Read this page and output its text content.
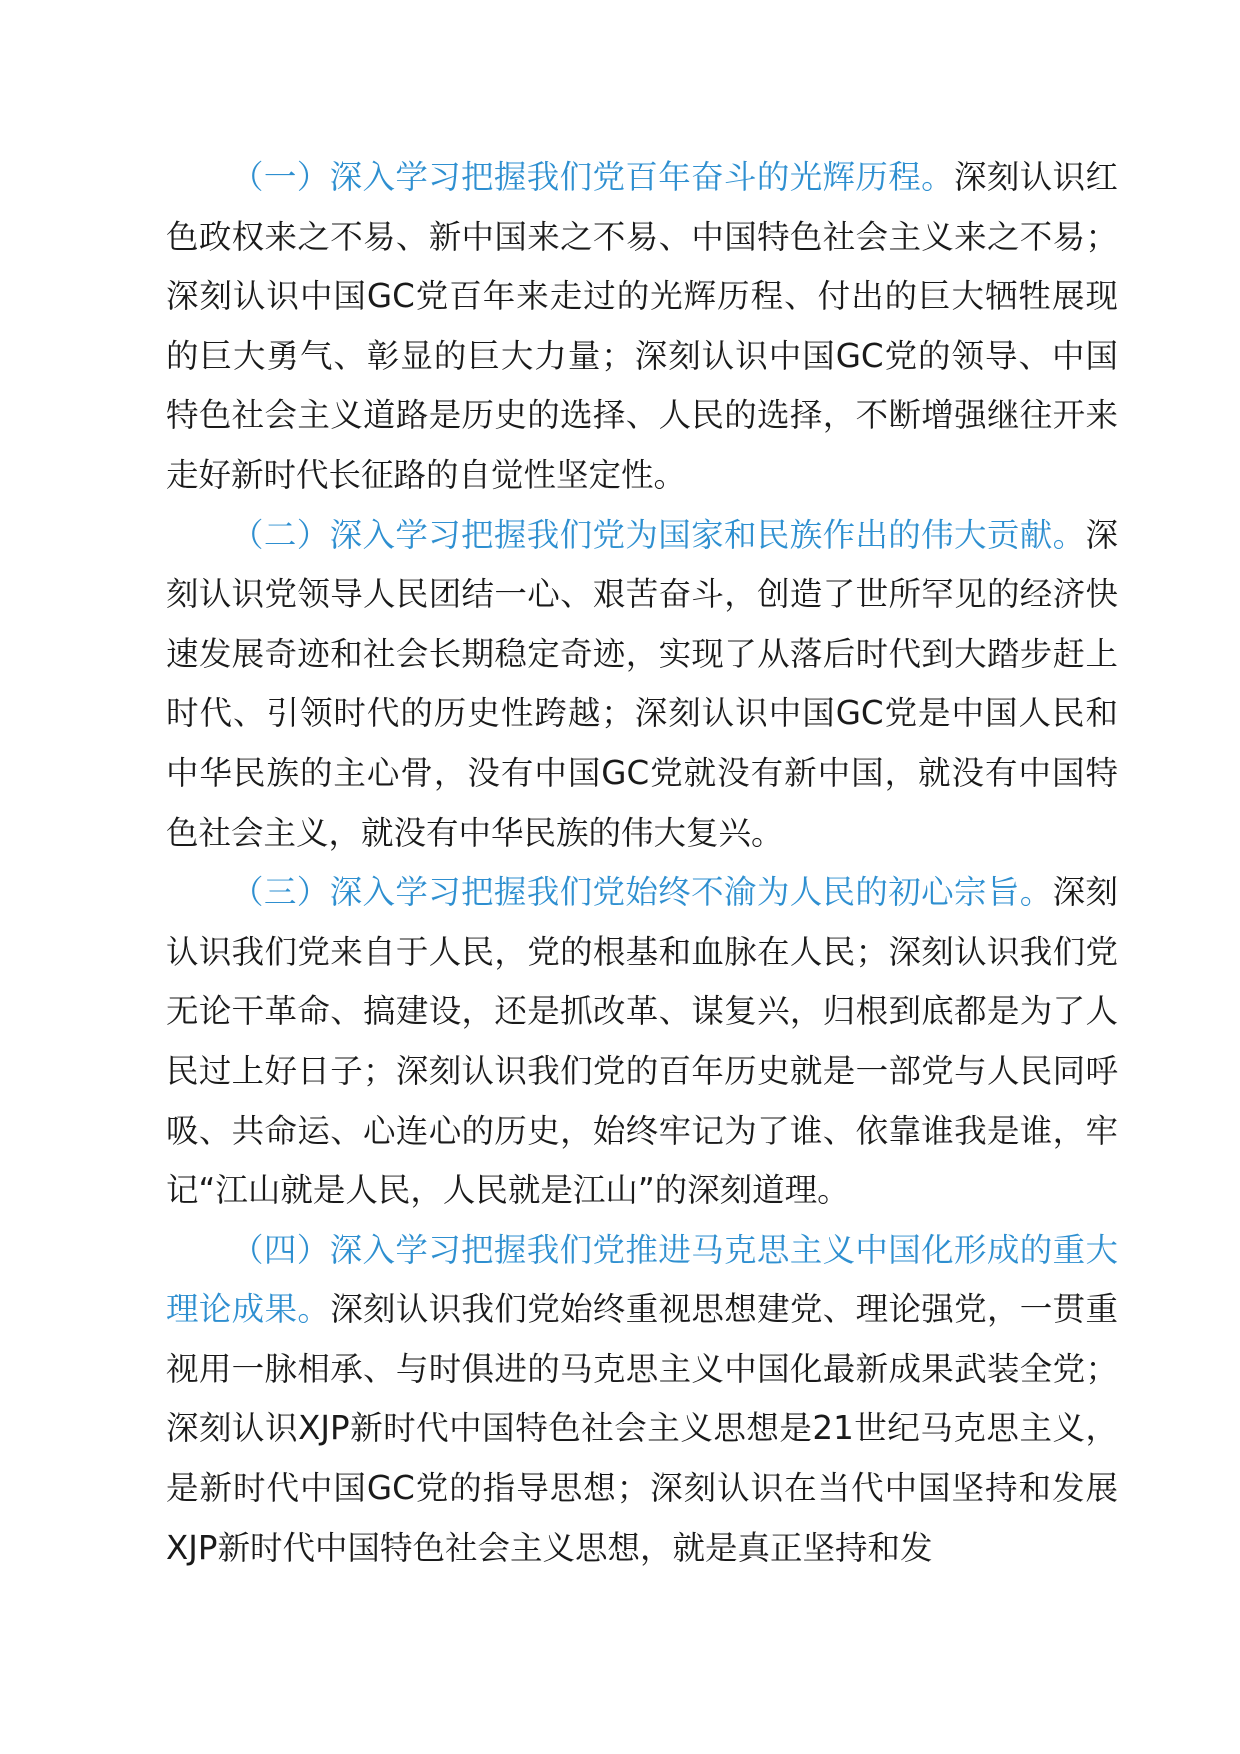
（一）深入学习把握我们党百年奋斗的光辉历程。深刻认识红色政权来之不易、新中国来之不易、中国特色社会主义来之不易；深刻认识中国GC党百年来走过的光辉历程、付出的巨大牺牲展现的巨大勇气、彰显的巨大力量；深刻认识中国GC党的领导、中国特色社会主义道路是历史的选择、人民的选择，不断增强继往开来走好新时代长征路的自觉性坚定性。

（二）深入学习把握我们党为国家和民族作出的伟大贡献。深刻认识党领导人民团结一心、艰苦奋斗，创造了世所罕见的经济快速发展奇迹和社会长期稳定奇迹，实现了从落后时代到大踏步赶上时代、引领时代的历史性跨越；深刻认识中国GC党是中国人民和中华民族的主心骨，没有中国GC党就没有新中国，就没有中国特色社会主义，就没有中华民族的伟大复兴。

（三）深入学习把握我们党始终不渝为人民的初心宗旨。深刻认识我们党来自于人民，党的根基和血脉在人民；深刻认识我们党无论干革命、搞建设，还是抓改革、谋复兴，归根到底都是为了人民过上好日子；深刻认识我们党的百年历史就是一部党与人民同呼吸、共命运、心连心的历史，始终牢记为了谁、依靠谁我是谁，牢记“江山就是人民，人民就是江山”的深刻道理。

（四）深入学习把握我们党推进马克思主义中国化形成的重大理论成果。深刻认识我们党始终重视思想建党、理论强党，一贯重视用一脉相承、与时俱进的马克思主义中国化最新成果武装全党；深刻认识XJP新时代中国特色社会主义思想是21世纪马克思主义，是新时代中国GC党的指导思想；深刻认识在当代中国坚持和发展XJP新时代中国特色社会主义思想，就是真正坚持和发
